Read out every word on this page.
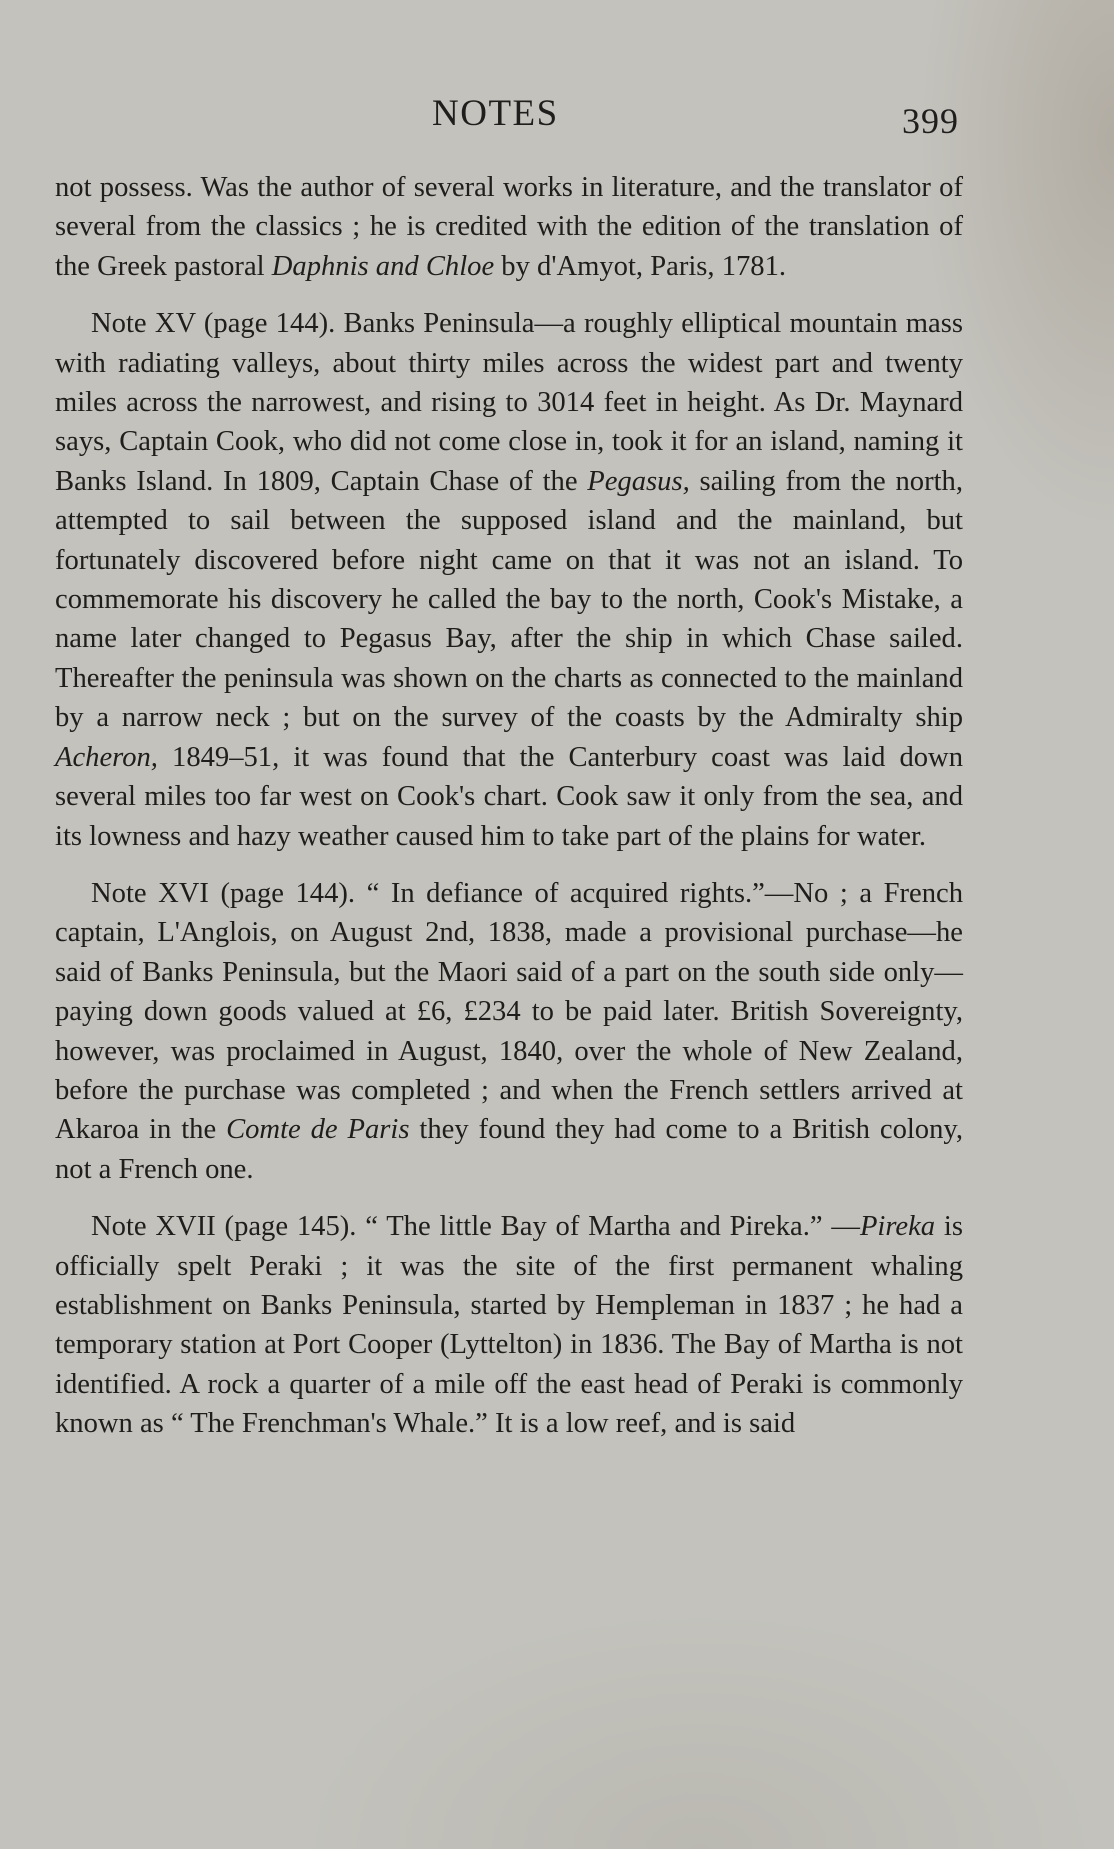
NOTES	399

not possess. Was the author of several works in literature, and the translator of several from the classics ; he is credited with the edition of the translation of the Greek pastoral Daphnis and Chloe by d'Amyot, Paris, 1781.

Note XV (page 144). Banks Peninsula—a roughly elliptical mountain mass with radiating valleys, about thirty miles across the widest part and twenty miles across the narrowest, and rising to 3014 feet in height. As Dr. Maynard says, Captain Cook, who did not come close in, took it for an island, naming it Banks Island. In 1809, Captain Chase of the Pegasus, sailing from the north, attempted to sail between the supposed island and the mainland, but fortunately discovered before night came on that it was not an island. To commemorate his discovery he called the bay to the north, Cook's Mistake, a name later changed to Pegasus Bay, after the ship in which Chase sailed. Thereafter the peninsula was shown on the charts as connected to the mainland by a narrow neck ; but on the survey of the coasts by the Admiralty ship Acheron, 1849–51, it was found that the Canterbury coast was laid down several miles too far west on Cook's chart. Cook saw it only from the sea, and its lowness and hazy weather caused him to take part of the plains for water.

Note XVI (page 144). “ In defiance of acquired rights.”—No ; a French captain, L'Anglois, on August 2nd, 1838, made a provisional purchase—he said of Banks Peninsula, but the Maori said of a part on the south side only—paying down goods valued at £6, £234 to be paid later. British Sovereignty, however, was proclaimed in August, 1840, over the whole of New Zealand, before the purchase was completed ; and when the French settlers arrived at Akaroa in the Comte de Paris they found they had come to a British colony, not a French one.

Note XVII (page 145). “ The little Bay of Martha and Pireka.” —Pireka is officially spelt Peraki ; it was the site of the first permanent whaling establishment on Banks Peninsula, started by Hempleman in 1837 ; he had a temporary station at Port Cooper (Lyttelton) in 1836. The Bay of Martha is not identified. A rock a quarter of a mile off the east head of Peraki is commonly known as “ The Frenchman's Whale.” It is a low reef, and is said
